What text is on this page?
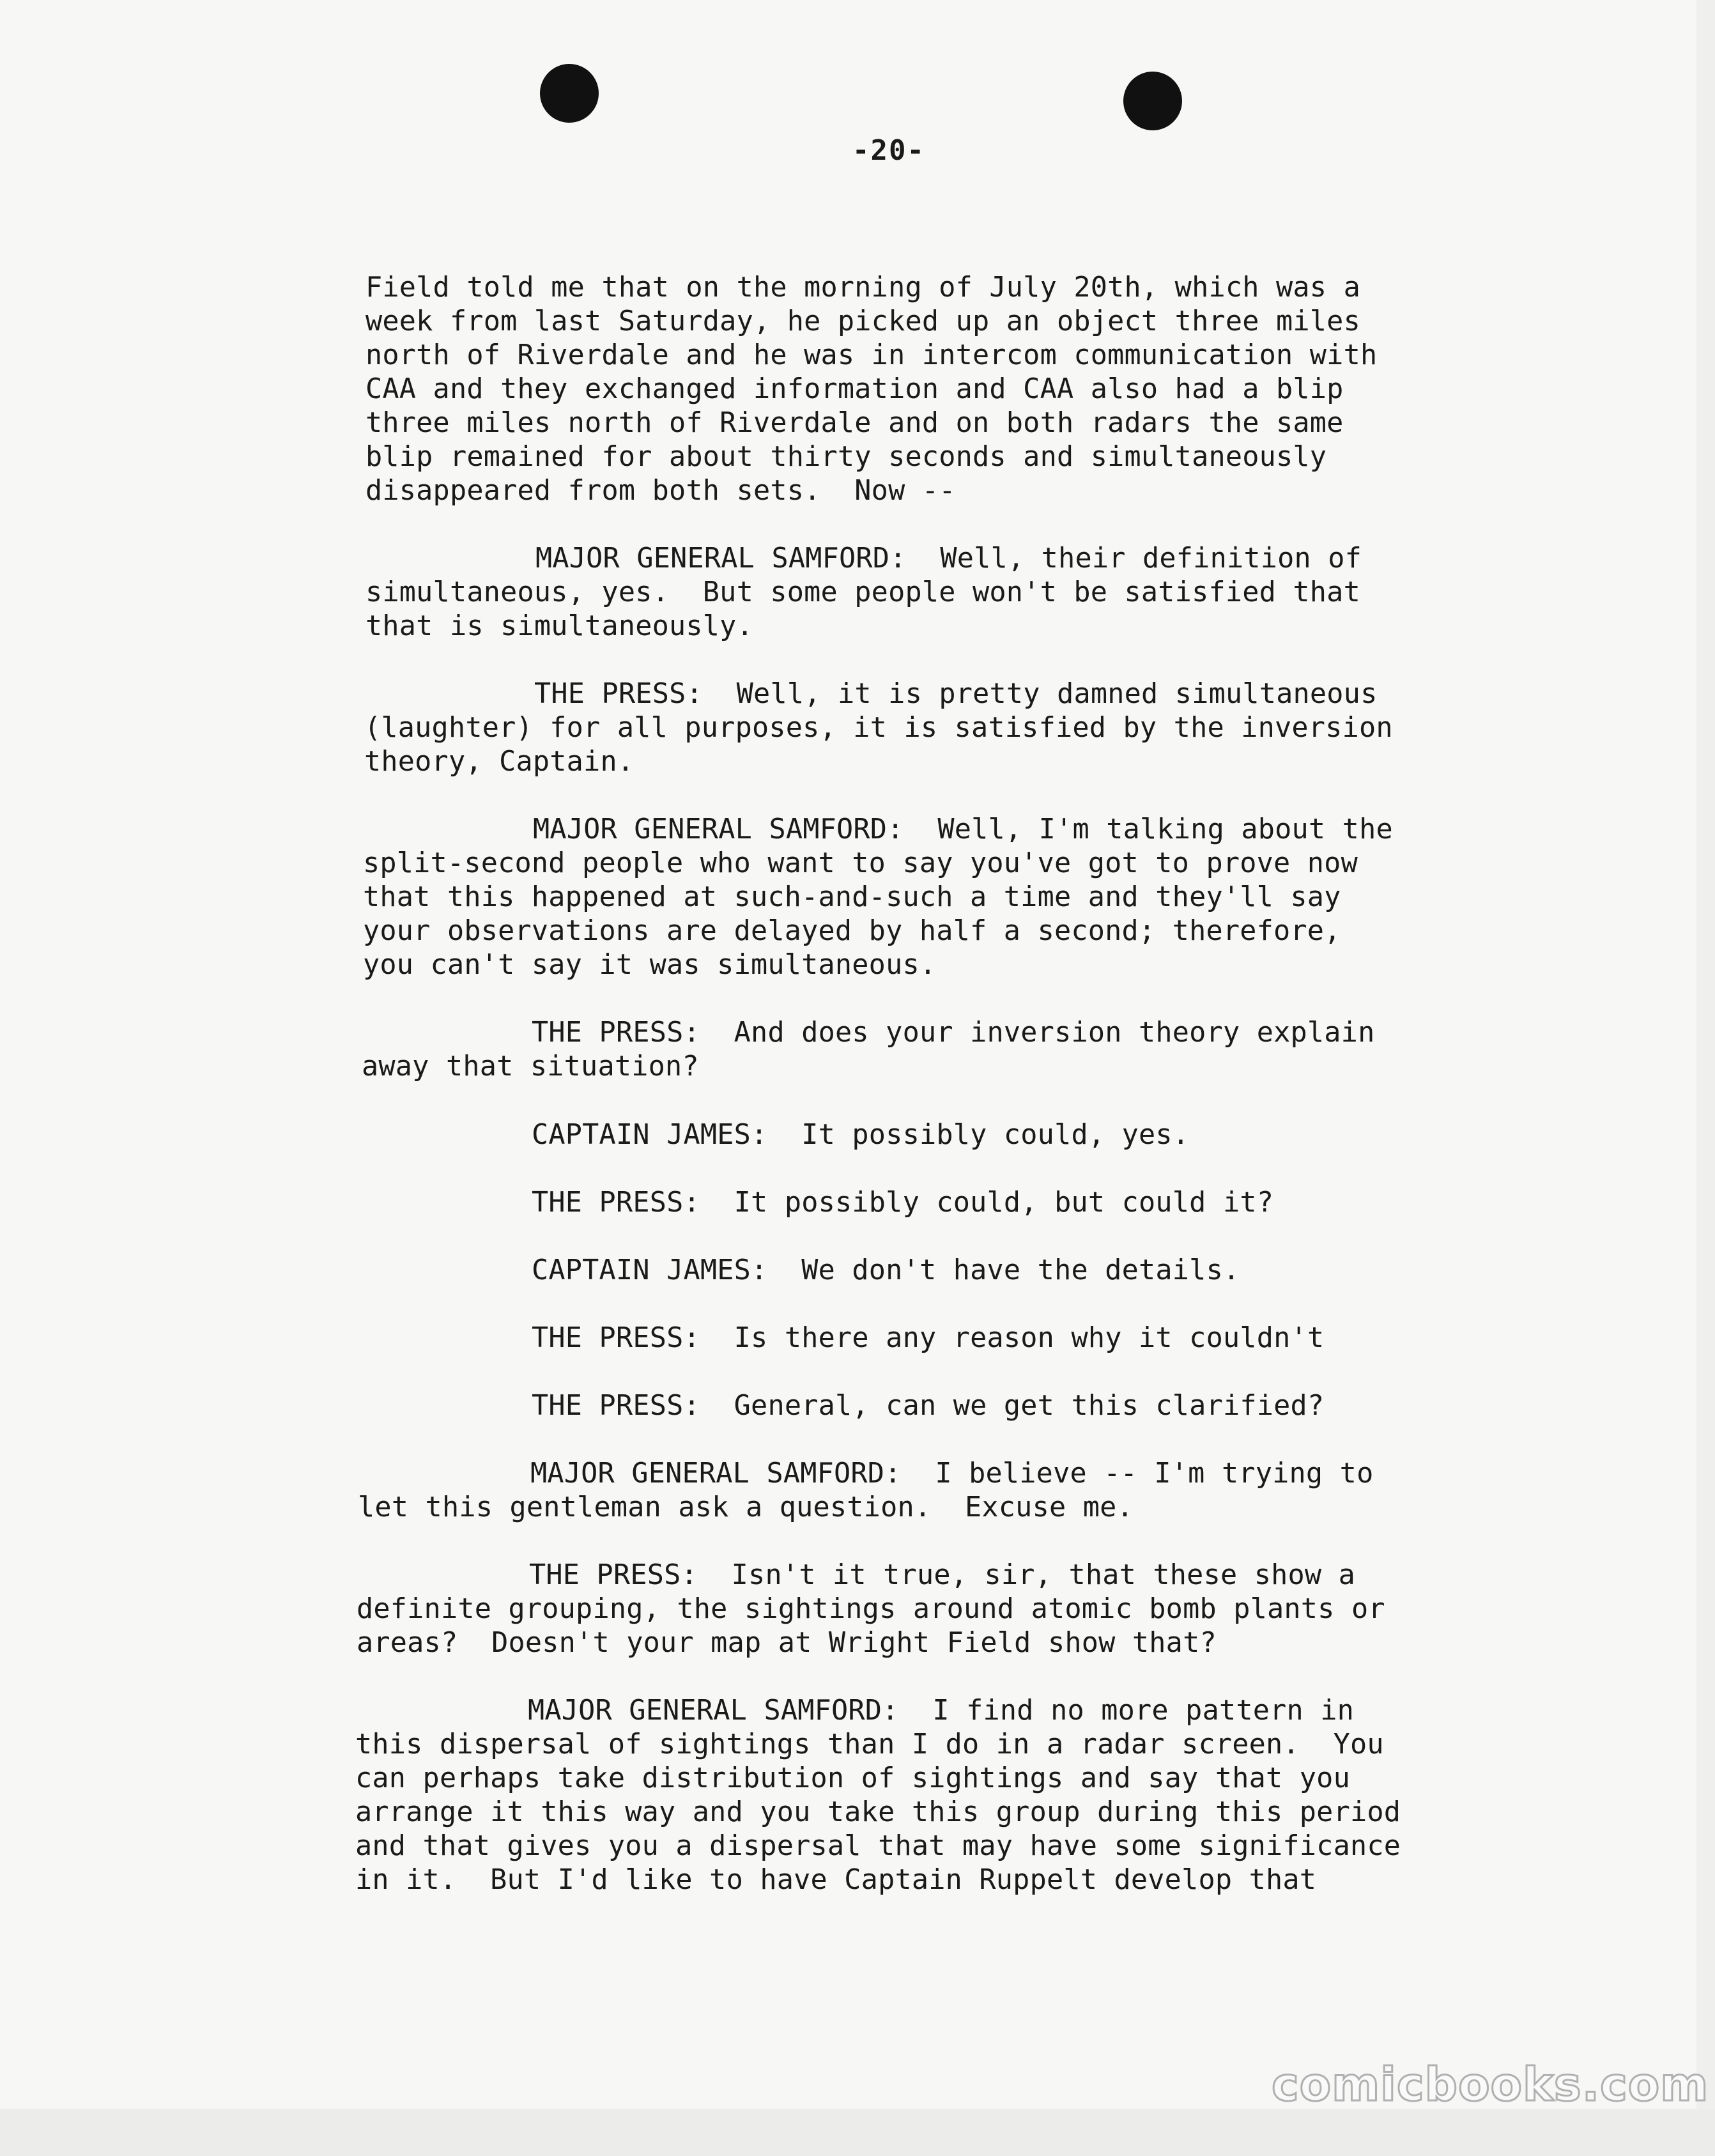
-20-
Field told me that on the morning of July 20th, which was a
week from last Saturday, he picked up an object three miles
north of Riverdale and he was in intercom communication with
CAA and they exchanged information and CAA also had a blip
three miles north of Riverdale and on both radars the same
blip remained for about thirty seconds and simultaneously
disappeared from both sets.  Now --
MAJOR GENERAL SAMFORD:  Well, their definition of
simultaneous, yes.  But some people won't be satisfied that
that is simultaneously.
THE PRESS:  Well, it is pretty damned simultaneous
(laughter) for all purposes, it is satisfied by the inversion
theory, Captain.
MAJOR GENERAL SAMFORD:  Well, I'm talking about the
split-second people who want to say you've got to prove now
that this happened at such-and-such a time and they'll say
your observations are delayed by half a second; therefore,
you can't say it was simultaneous.
THE PRESS:  And does your inversion theory explain
away that situation?
CAPTAIN JAMES:  It possibly could, yes.
THE PRESS:  It possibly could, but could it?
CAPTAIN JAMES:  We don't have the details.
THE PRESS:  Is there any reason why it couldn't
THE PRESS:  General, can we get this clarified?
MAJOR GENERAL SAMFORD:  I believe -- I'm trying to
let this gentleman ask a question.  Excuse me.
THE PRESS:  Isn't it true, sir, that these show a
definite grouping, the sightings around atomic bomb plants or
areas?  Doesn't your map at Wright Field show that?
MAJOR GENERAL SAMFORD:  I find no more pattern in
this dispersal of sightings than I do in a radar screen.  You
can perhaps take distribution of sightings and say that you
arrange it this way and you take this group during this period
and that gives you a dispersal that may have some significance
in it.  But I'd like to have Captain Ruppelt develop that
comicbooks.com
